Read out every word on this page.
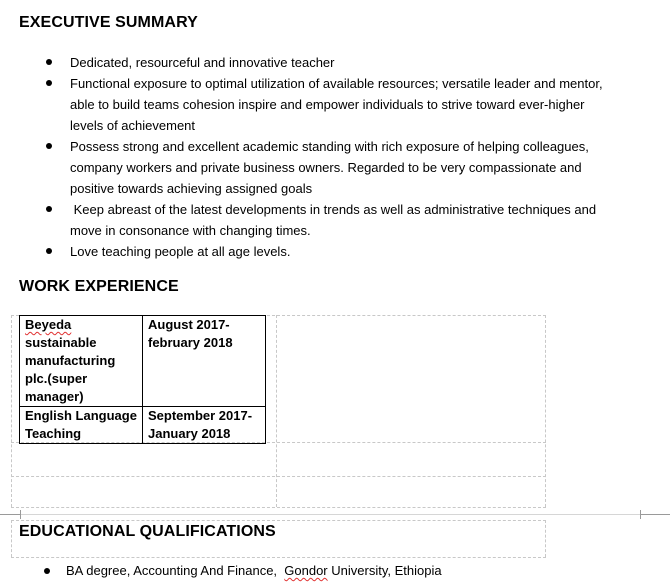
EXECUTIVE SUMMARY
Dedicated, resourceful and innovative teacher
Functional exposure to optimal utilization of available resources; versatile leader and mentor,
able to build teams cohesion inspire and empower individuals to strive toward ever-higher
levels of achievement
Possess strong and excellent academic standing with rich exposure of helping colleagues,
company workers and private business owners. Regarded to be very compassionate and
positive towards achieving assigned goals
Keep abreast of the latest developments in trends as well as administrative techniques and
move in consonance with changing times.
Love teaching people at all age levels.
WORK EXPERIENCE
Beyeda
sustainable
manufacturing
plc.(super
manager)	August 2017-
february 2018

English Language
Teaching	September 2017-
January 2018
EDUCATIONAL QUALIFICATIONS
BA degree, Accounting And Finance,  Gondor University, Ethiopia
